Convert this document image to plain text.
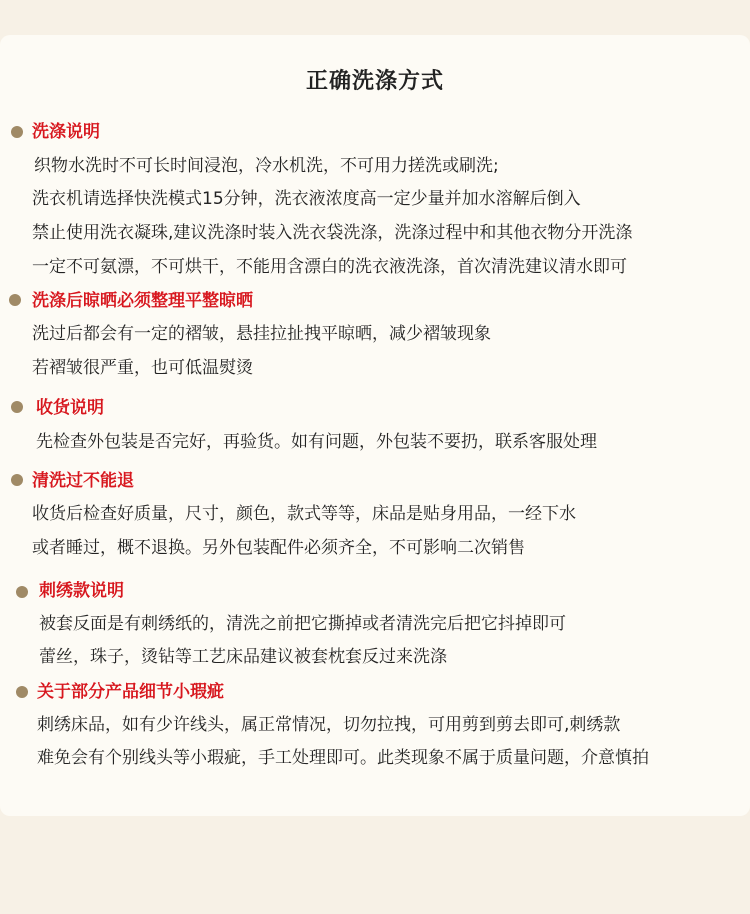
正确洗涤方式
洗涤说明
织物水洗时不可长时间浸泡，冷水机洗，不可用力搓洗或刷洗;
洗衣机请选择快洗模式15分钟，洗衣液浓度高一定少量并加水溶解后倒入
禁止使用洗衣凝珠,建议洗涤时装入洗衣袋洗涤，洗涤过程中和其他衣物分开洗涤
一定不可氨漂，不可烘干，不能用含漂白的洗衣液洗涤，首次清洗建议清水即可
洗涤后晾晒必须整理平整晾晒
洗过后都会有一定的褶皱，悬挂拉扯拽平晾晒，减少褶皱现象
若褶皱很严重，也可低温熨烫
收货说明
先检查外包装是否完好，再验货。如有问题，外包装不要扔，联系客服处理
清洗过不能退
收货后检查好质量，尺寸，颜色，款式等等，床品是贴身用品，一经下水
或者睡过，概不退换。另外包装配件必须齐全，不可影响二次销售
刺绣款说明
被套反面是有刺绣纸的，清洗之前把它撕掉或者清洗完后把它抖掉即可
蕾丝，珠子，烫钻等工艺床品建议被套枕套反过来洗涤
关于部分产品细节小瑕疵
刺绣床品，如有少许线头，属正常情况，切勿拉拽，可用剪到剪去即可,刺绣款
难免会有个别线头等小瑕疵，手工处理即可。此类现象不属于质量问题，介意慎拍
